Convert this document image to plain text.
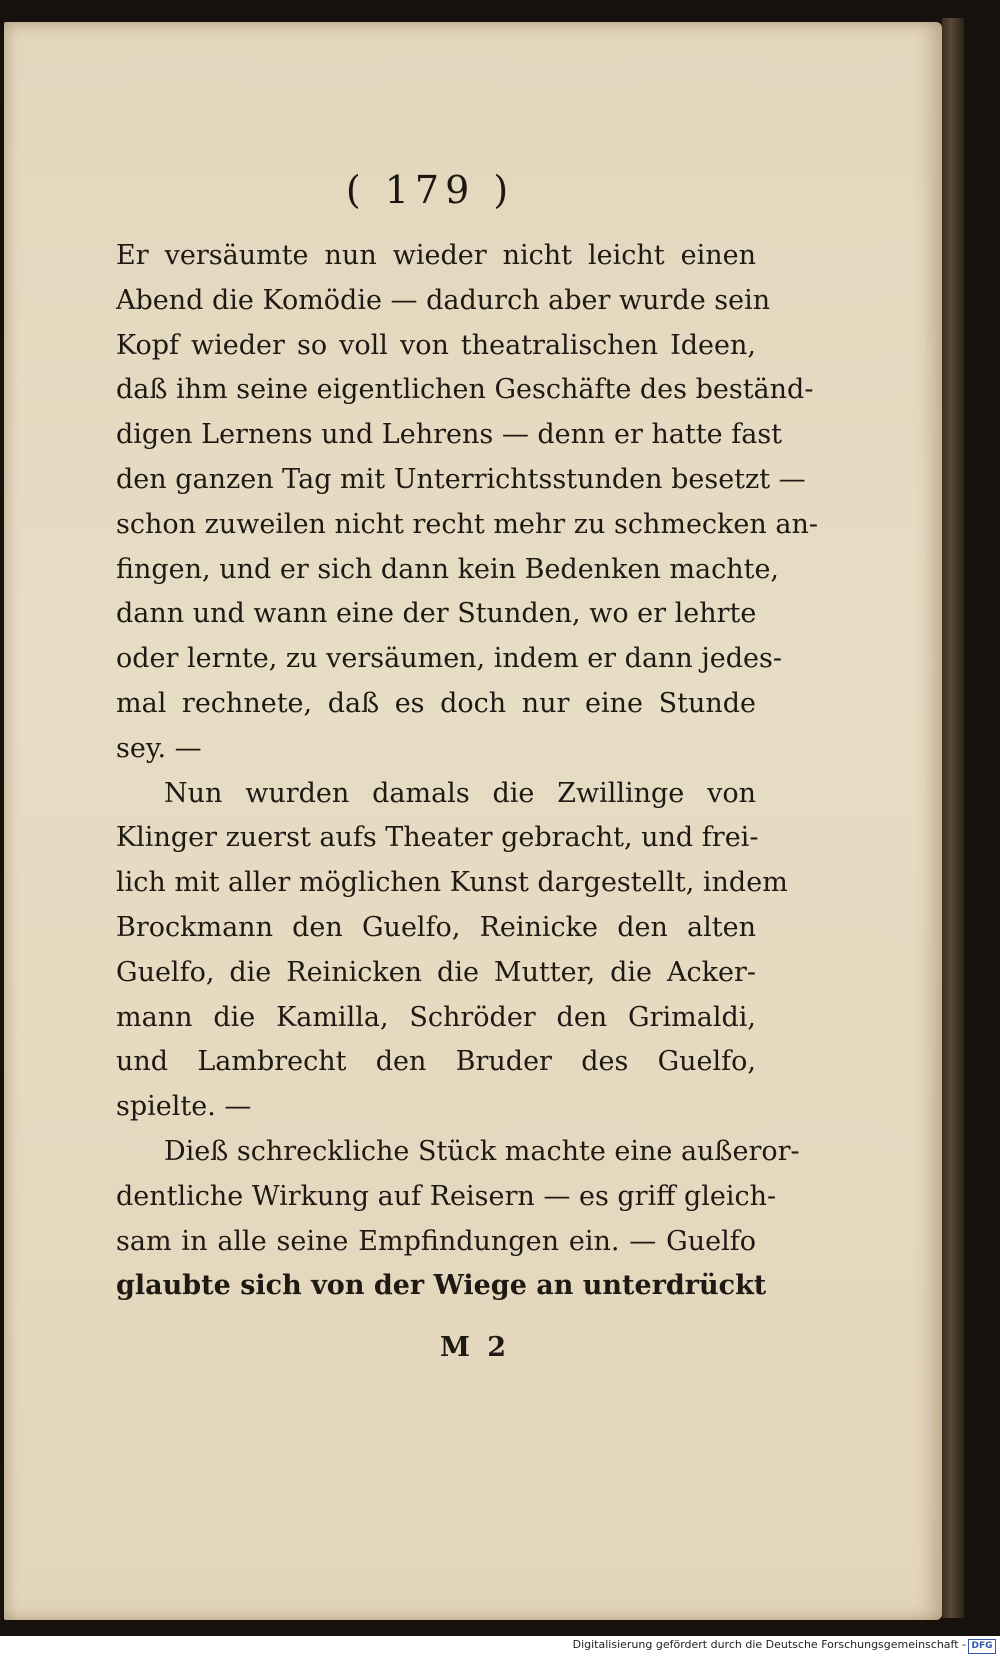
( 179 )
Er versäumte nun wieder nicht leicht einen
Abend die Komödie — dadurch aber wurde sein
Kopf wieder so voll von theatralischen Ideen,
daß ihm seine eigentlichen Geschäfte des beständ-
digen Lernens und Lehrens — denn er hatte fast
den ganzen Tag mit Unterrichtsstunden besetzt —
schon zuweilen nicht recht mehr zu schmecken an-
fingen, und er sich dann kein Bedenken machte,
dann und wann eine der Stunden, wo er lehrte
oder lernte, zu versäumen, indem er dann jedes-
mal rechnete, daß es doch nur eine Stunde
sey. —
Nun wurden damals die Zwillinge von
Klinger zuerst aufs Theater gebracht, und frei-
lich mit aller möglichen Kunst dargestellt, indem
Brockmann den Guelfo, Reinicke den alten
Guelfo, die Reinicken die Mutter, die Acker-
mann die Kamilla, Schröder den Grimaldi,
und Lambrecht den Bruder des Guelfo,
spielte. —
Dieß schreckliche Stück machte eine außeror-
dentliche Wirkung auf Reisern — es griff gleich-
sam in alle seine Empfindungen ein. — Guelfo
glaubte sich von der Wiege an unterdrückt
M 2
Digitalisierung gefördert durch die Deutsche Forschungsgemeinschaft - DFG
